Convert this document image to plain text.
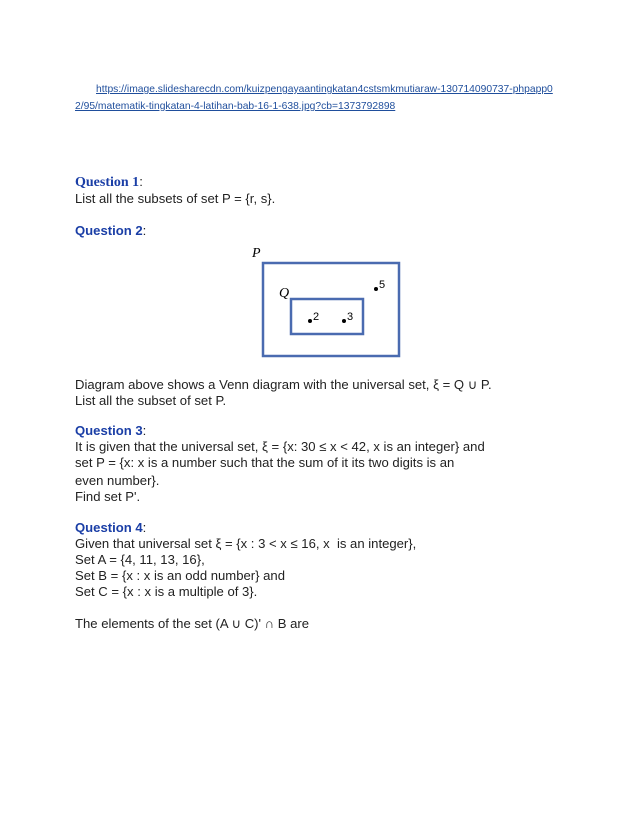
https://image.slidesharecdn.com/kuizpengayaantingkatan4cstsmkmutiaraw-130714090737-phpapp02/95/matematik-tingkatan-4-latihan-bab-16-1-638.jpg?cb=1373792898
Question 1:
List all the subsets of set P = {r, s}.
Question 2:
P
Q
5
2	3
Diagram above shows a Venn diagram with the universal set, ξ = Q ∪ P.
List all the subset of set P.
Question 3:
It is given that the universal set, ξ = {x: 30 ≤ x < 42, x is an integer} and
set P = {x: x is a number such that the sum of it its two digits is an
even number}.
Find set P'.
Question 4:
Given that universal set ξ = {x : 3 < x ≤ 16, x  is an integer},
Set A = {4, 11, 13, 16},
Set B = {x : x is an odd number} and
Set C = {x : x is a multiple of 3}.
The elements of the set (A ∪ C)' ∩ B are
